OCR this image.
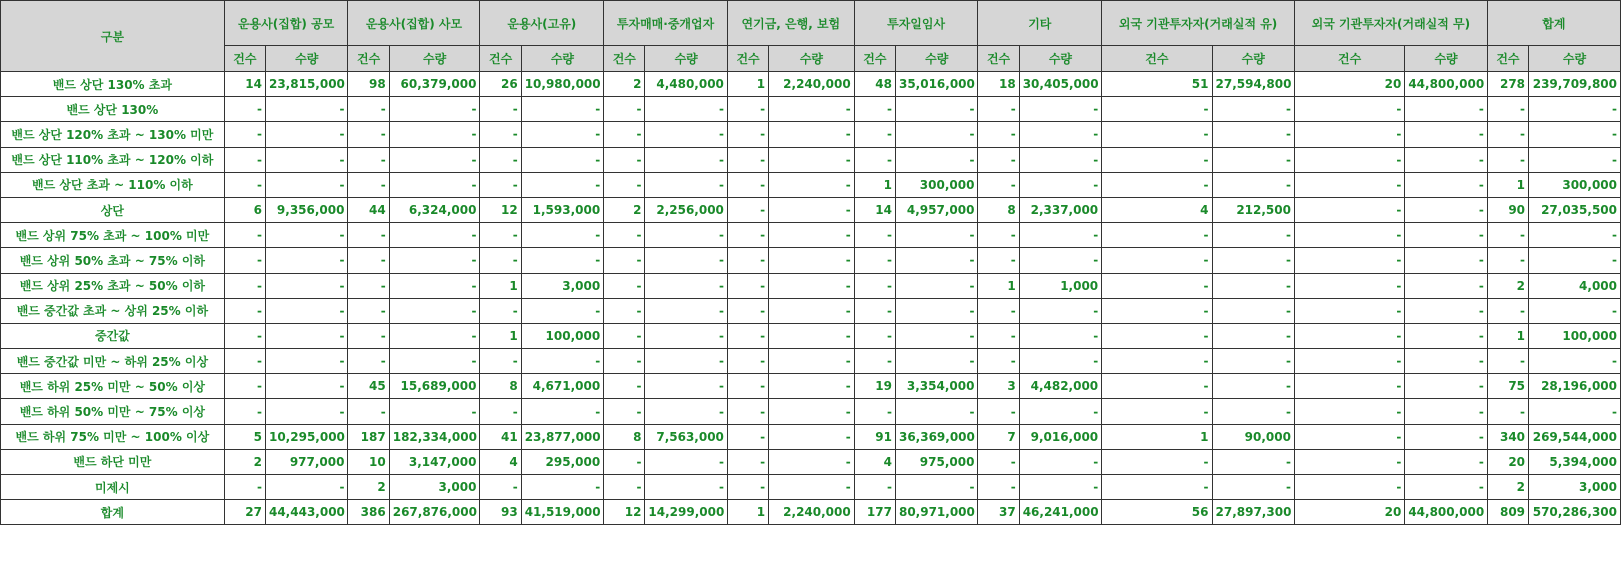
구분	운용사(집합) 공모		운용사(집합) 사모		운용사(고유)		투자매매·중개업자		연기금, 은행, 보험		투자일임사		기타		외국 기관투자자(거래실적 유)		외국 기관투자자(거래실적 무)		합계	
	건수	수량	건수	수량	건수	수량	건수	수량	건수	수량	건수	수량	건수	수량	건수	수량	건수	수량	건수	수량
밴드 상단 130% 초과	14	23,815,000	98	60,379,000	26	10,980,000	2	4,480,000	1	2,240,000	48	35,016,000	18	30,405,000	51	27,594,800	20	44,800,000	278	239,709,800
밴드 상단 130%	-	-	-	-	-	-	-	-	-	-	-	-	-	-	-	-	-	-	-	-
밴드 상단 120% 초과 ~ 130% 미만	-	-	-	-	-	-	-	-	-	-	-	-	-	-	-	-	-	-	-	-
밴드 상단 110% 초과 ~ 120% 이하	-	-	-	-	-	-	-	-	-	-	-	-	-	-	-	-	-	-	-	-
밴드 상단 초과 ~ 110% 이하	-	-	-	-	-	-	-	-	-	-	1	300,000	-	-	-	-	-	-	1	300,000
상단	6	9,356,000	44	6,324,000	12	1,593,000	2	2,256,000	-	-	14	4,957,000	8	2,337,000	4	212,500	-	-	90	27,035,500
밴드 상위 75% 초과 ~ 100% 미만	-	-	-	-	-	-	-	-	-	-	-	-	-	-	-	-	-	-	-	-
밴드 상위 50% 초과 ~ 75% 이하	-	-	-	-	-	-	-	-	-	-	-	-	-	-	-	-	-	-	-	-
밴드 상위 25% 초과 ~ 50% 이하	-	-	-	-	1	3,000	-	-	-	-	-	-	1	1,000	-	-	-	-	2	4,000
밴드 중간값 초과 ~ 상위 25% 이하	-	-	-	-	-	-	-	-	-	-	-	-	-	-	-	-	-	-	-	-
중간값	-	-	-	-	1	100,000	-	-	-	-	-	-	-	-	-	-	-	-	1	100,000
밴드 중간값 미만 ~ 하위 25% 이상	-	-	-	-	-	-	-	-	-	-	-	-	-	-	-	-	-	-	-	-
밴드 하위 25% 미만 ~ 50% 이상	-	-	45	15,689,000	8	4,671,000	-	-	-	-	19	3,354,000	3	4,482,000	-	-	-	-	75	28,196,000
밴드 하위 50% 미만 ~ 75% 이상	-	-	-	-	-	-	-	-	-	-	-	-	-	-	-	-	-	-	-	-
밴드 하위 75% 미만 ~ 100% 이상	5	10,295,000	187	182,334,000	41	23,877,000	8	7,563,000	-	-	91	36,369,000	7	9,016,000	1	90,000	-	-	340	269,544,000
밴드 하단 미만	2	977,000	10	3,147,000	4	295,000	-	-	-	-	4	975,000	-	-	-	-	-	-	20	5,394,000
미제시	-	-	2	3,000	-	-	-	-	-	-	-	-	-	-	-	-	-	-	2	3,000
합계	27	44,443,000	386	267,876,000	93	41,519,000	12	14,299,000	1	2,240,000	177	80,971,000	37	46,241,000	56	27,897,300	20	44,800,000	809	570,286,300
